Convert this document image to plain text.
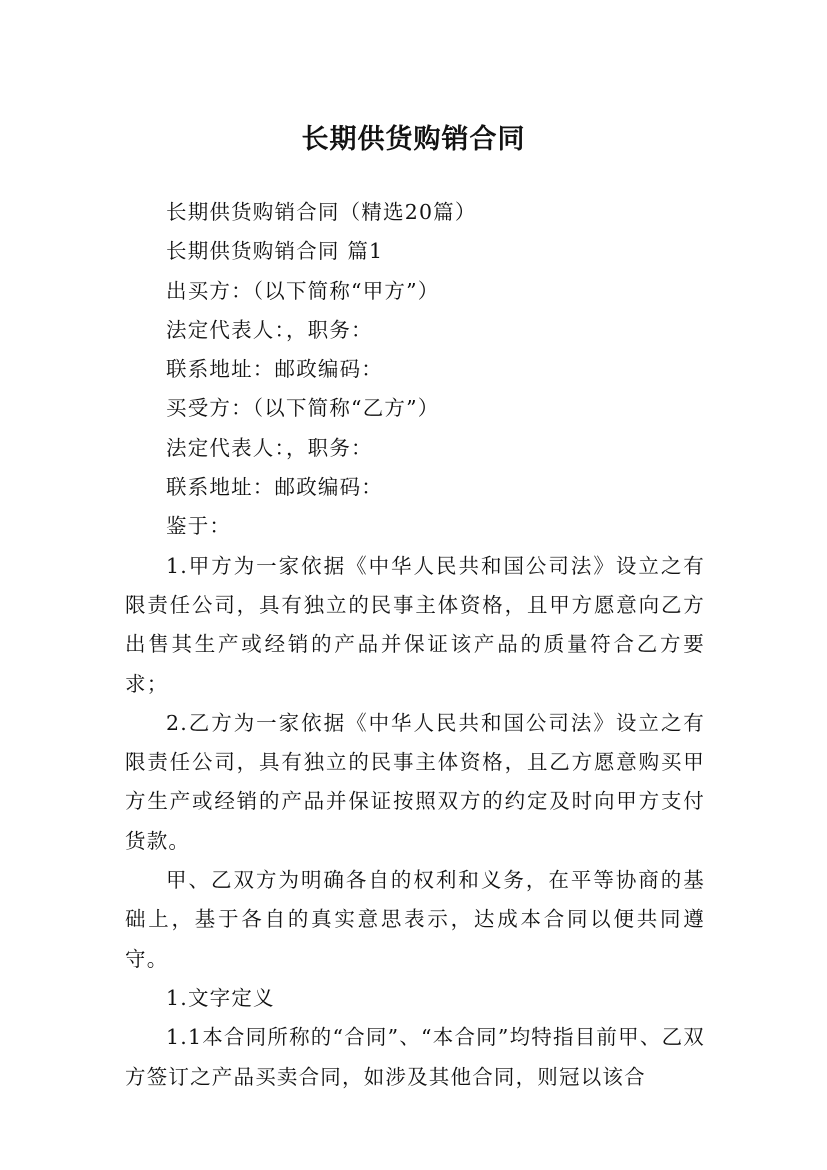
长期供货购销合同

长期供货购销合同（精选20篇）

长期供货购销合同 篇1

出买方：（以下简称“甲方”）

法定代表人：，职务：

联系地址：邮政编码：

买受方：（以下简称“乙方”）

法定代表人：，职务：

联系地址：邮政编码：

鉴于：

1.甲方为一家依据《中华人民共和国公司法》设立之有限责任公司，具有独立的民事主体资格，且甲方愿意向乙方出售其生产或经销的产品并保证该产品的质量符合乙方要求；

2.乙方为一家依据《中华人民共和国公司法》设立之有限责任公司，具有独立的民事主体资格，且乙方愿意购买甲方生产或经销的产品并保证按照双方的约定及时向甲方支付货款。

甲、乙双方为明确各自的权利和义务，在平等协商的基础上，基于各自的真实意思表示，达成本合同以便共同遵守。

1.文字定义

1.1本合同所称的“合同”、“本合同”均特指目前甲、乙双方签订之产品买卖合同，如涉及其他合同，则冠以该合
